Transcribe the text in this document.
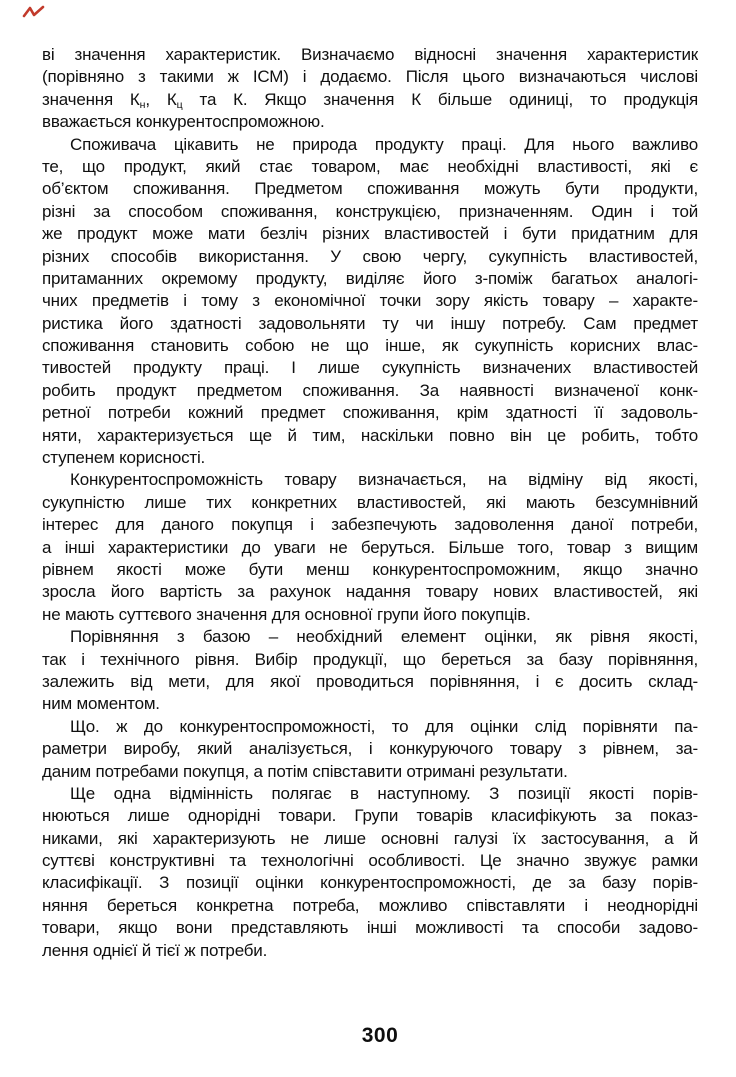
ві значення характеристик. Визначаємо відносні значення характеристик
(порівняно з такими ж ІСМ) і додаємо. Після цього визначаються числові
значення $К_н$, $К_ц$ та К. Якщо значення К більше одиниці, то продукція
вважається конкурентоспроможною.
Споживача цікавить не природа продукту праці. Для нього важливо
те, що продукт, який стає товаром, має необхідні властивості, які є
об’єктом споживання. Предметом споживання можуть бути продукти,
різні за способом споживання, конструкцією, призначенням. Один і той
же продукт може мати безліч різних властивостей і бути придатним для
різних способів використання. У свою чергу, сукупність властивостей,
притаманних окремому продукту, виділяє його з-поміж багатьох аналогі-
чних предметів і тому з економічної точки зору якість товару – характе-
ристика його здатності задовольняти ту чи іншу потребу. Сам предмет
споживання становить собою не що інше, як сукупність корисних влас-
тивостей продукту праці. І лише сукупність визначених властивостей
робить продукт предметом споживання. За наявності визначеної конк-
ретної потреби кожний предмет споживання, крім здатності її задоволь-
няти, характеризується ще й тим, наскільки повно він це робить, тобто
ступенем корисності.
Конкурентоспроможність товару визначається, на відміну від якості,
сукупністю лише тих конкретних властивостей, які мають безсумнівний
інтерес для даного покупця і забезпечують задоволення даної потреби,
а інші характеристики до уваги не беруться. Більше того, товар з вищим
рівнем якості може бути менш конкурентоспроможним, якщо значно
зросла його вартість за рахунок надання товару нових властивостей, які
не мають суттєвого значення для основної групи його покупців.
Порівняння з базою – необхідний елемент оцінки, як рівня якості,
так і технічного рівня. Вибір продукції, що береться за базу порівняння,
залежить від мети, для якої проводиться порівняння, і є досить склад-
ним моментом.
Що. ж до конкурентоспроможності, то для оцінки слід порівняти па-
раметри виробу, який аналізується, і конкуруючого товару з рівнем, за-
даним потребами покупця, а потім співставити отримані результати.
Ще одна відмінність полягає в наступному. З позиції якості порів-
нюються лише однорідні товари. Групи товарів класифікують за показ-
никами, які характеризують не лише основні галузі їх застосування, а й
суттєві конструктивні та технологічні особливості. Це значно звужує рамки
класифікації. З позиції оцінки конкурентоспроможності, де за базу порів-
няння береться конкретна потреба, можливо співставляти і неоднорідні
товари, якщо вони представляють інші можливості та способи задово-
лення однієї й тієї ж потреби.
300
